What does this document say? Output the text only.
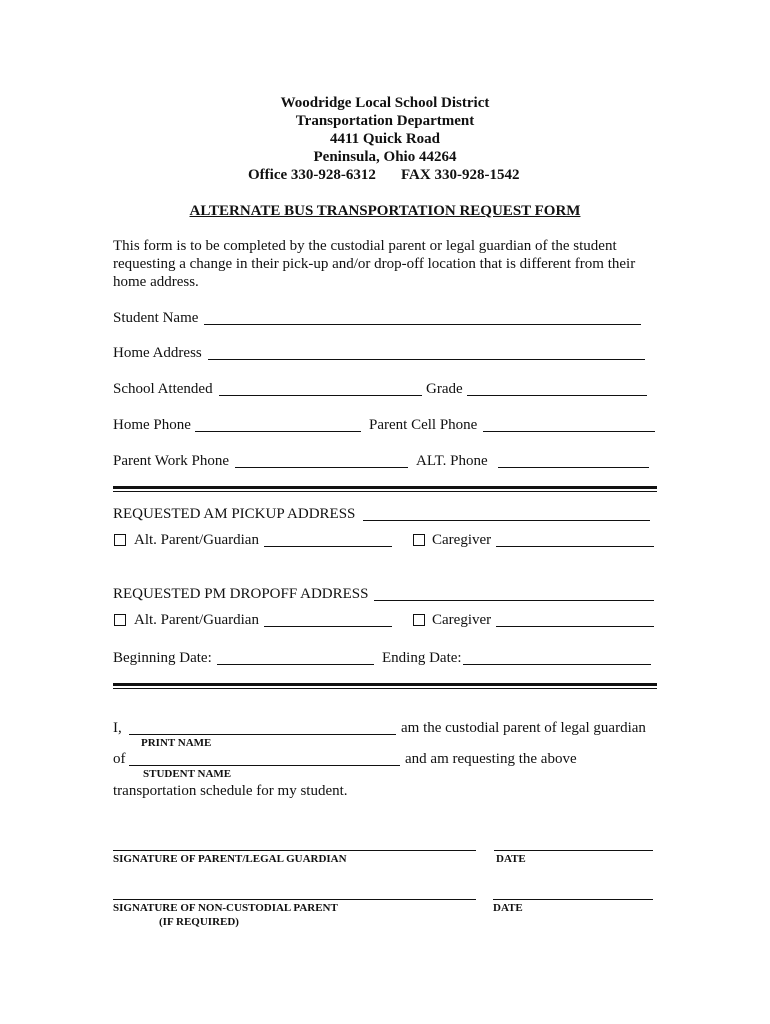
Woodridge Local School District
Transportation Department
4411 Quick Road
Peninsula, Ohio 44264
Office 330-928-6312 FAX 330-928-1542
ALTERNATE BUS TRANSPORTATION REQUEST FORM
This form is to be completed by the custodial parent or legal guardian of the student
requesting a change in their pick-up and/or drop-off location that is different from their
home address.
Student Name
Home Address
School Attended	Grade
Home Phone	Parent Cell Phone
Parent Work Phone	ALT. Phone
REQUESTED AM PICKUP ADDRESS
Alt. Parent/Guardian	Caregiver
REQUESTED PM DROPOFF ADDRESS
Alt. Parent/Guardian	Caregiver
Beginning Date:	Ending Date:
I,	am the custodial parent of legal guardian
PRINT NAME
of	and am requesting the above
STUDENT NAME
transportation schedule for my student.
SIGNATURE OF PARENT/LEGAL GUARDIAN	DATE
SIGNATURE OF NON-CUSTODIAL PARENT	DATE
(IF REQUIRED)
